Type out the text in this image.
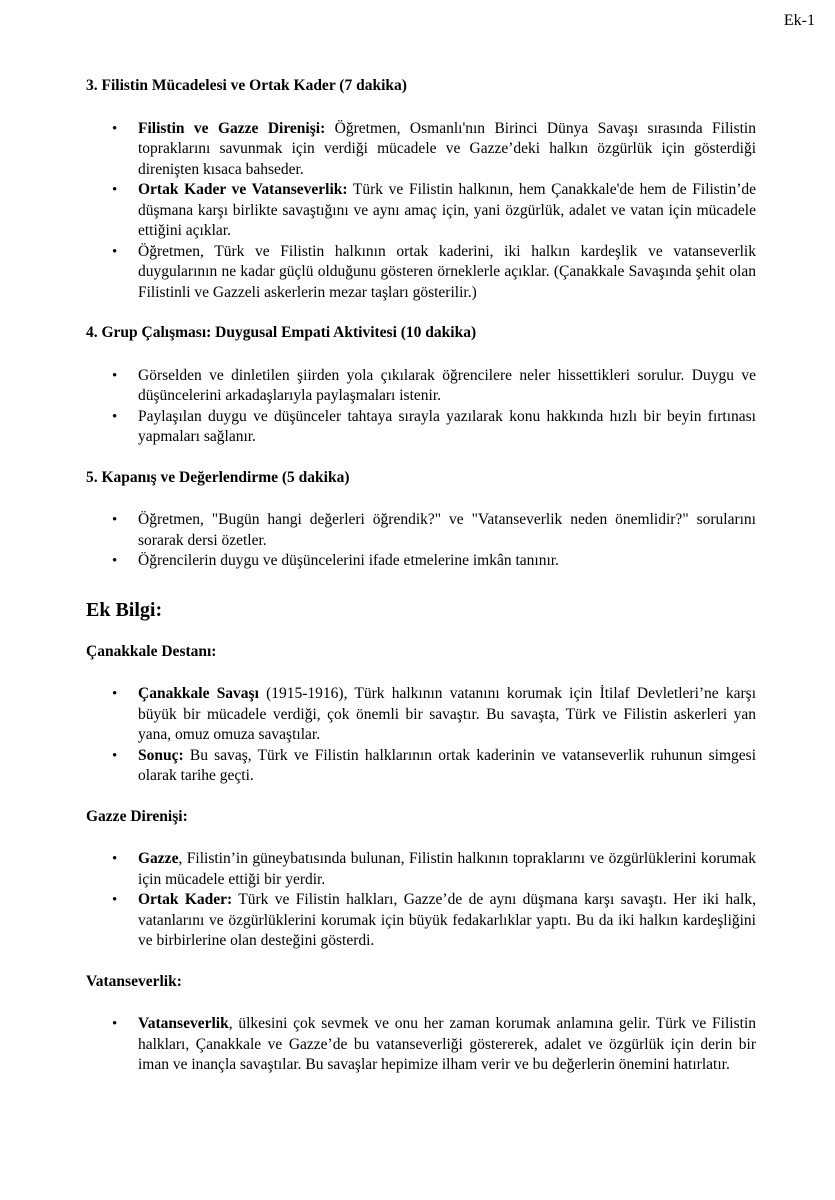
Ek-1
3. Filistin Mücadelesi ve Ortak Kader (7 dakika)
• Filistin ve Gazze Direnişi: Öğretmen, Osmanlı'nın Birinci Dünya Savaşı sırasında Filistin topraklarını savunmak için verdiği mücadele ve Gazze’deki halkın özgürlük için gösterdiği direnişten kısaca bahseder.
• Ortak Kader ve Vatanseverlik: Türk ve Filistin halkının, hem Çanakkale'de hem de Filistin’de düşmana karşı birlikte savaştığını ve aynı amaç için, yani özgürlük, adalet ve vatan için mücadele ettiğini açıklar.
• Öğretmen, Türk ve Filistin halkının ortak kaderini, iki halkın kardeşlik ve vatanseverlik duygularının ne kadar güçlü olduğunu gösteren örneklerle açıklar. (Çanakkale Savaşında şehit olan Filistinli ve Gazzeli askerlerin mezar taşları gösterilir.)
4. Grup Çalışması: Duygusal Empati Aktivitesi (10 dakika)
• Görselden ve dinletilen şiirden yola çıkılarak öğrencilere neler hissettikleri sorulur. Duygu ve düşüncelerini arkadaşlarıyla paylaşmaları istenir.
• Paylaşılan duygu ve düşünceler tahtaya sırayla yazılarak konu hakkında hızlı bir beyin fırtınası yapmaları sağlanır.
5. Kapanış ve Değerlendirme (5 dakika)
• Öğretmen, "Bugün hangi değerleri öğrendik?" ve "Vatanseverlik neden önemlidir?" sorularını sorarak dersi özetler.
• Öğrencilerin duygu ve düşüncelerini ifade etmelerine imkân tanınır.
Ek Bilgi:
Çanakkale Destanı:
• Çanakkale Savaşı (1915-1916), Türk halkının vatanını korumak için İtilaf Devletleri’ne karşı büyük bir mücadele verdiği, çok önemli bir savaştır. Bu savaşta, Türk ve Filistin askerleri yan yana, omuz omuza savaştılar.
• Sonuç: Bu savaş, Türk ve Filistin halklarının ortak kaderinin ve vatanseverlik ruhunun simgesi olarak tarihe geçti.
Gazze Direnişi:
• Gazze, Filistin’in güneybatısında bulunan, Filistin halkının topraklarını ve özgürlüklerini korumak için mücadele ettiği bir yerdir.
• Ortak Kader: Türk ve Filistin halkları, Gazze’de de aynı düşmana karşı savaştı. Her iki halk, vatanlarını ve özgürlüklerini korumak için büyük fedakarlıklar yaptı. Bu da iki halkın kardeşliğini ve birbirlerine olan desteğini gösterdi.
Vatanseverlik:
• Vatanseverlik, ülkesini çok sevmek ve onu her zaman korumak anlamına gelir. Türk ve Filistin halkları, Çanakkale ve Gazze’de bu vatanseverliği göstererek, adalet ve özgürlük için derin bir iman ve inançla savaştılar. Bu savaşlar hepimize ilham verir ve bu değerlerin önemini hatırlatır.
